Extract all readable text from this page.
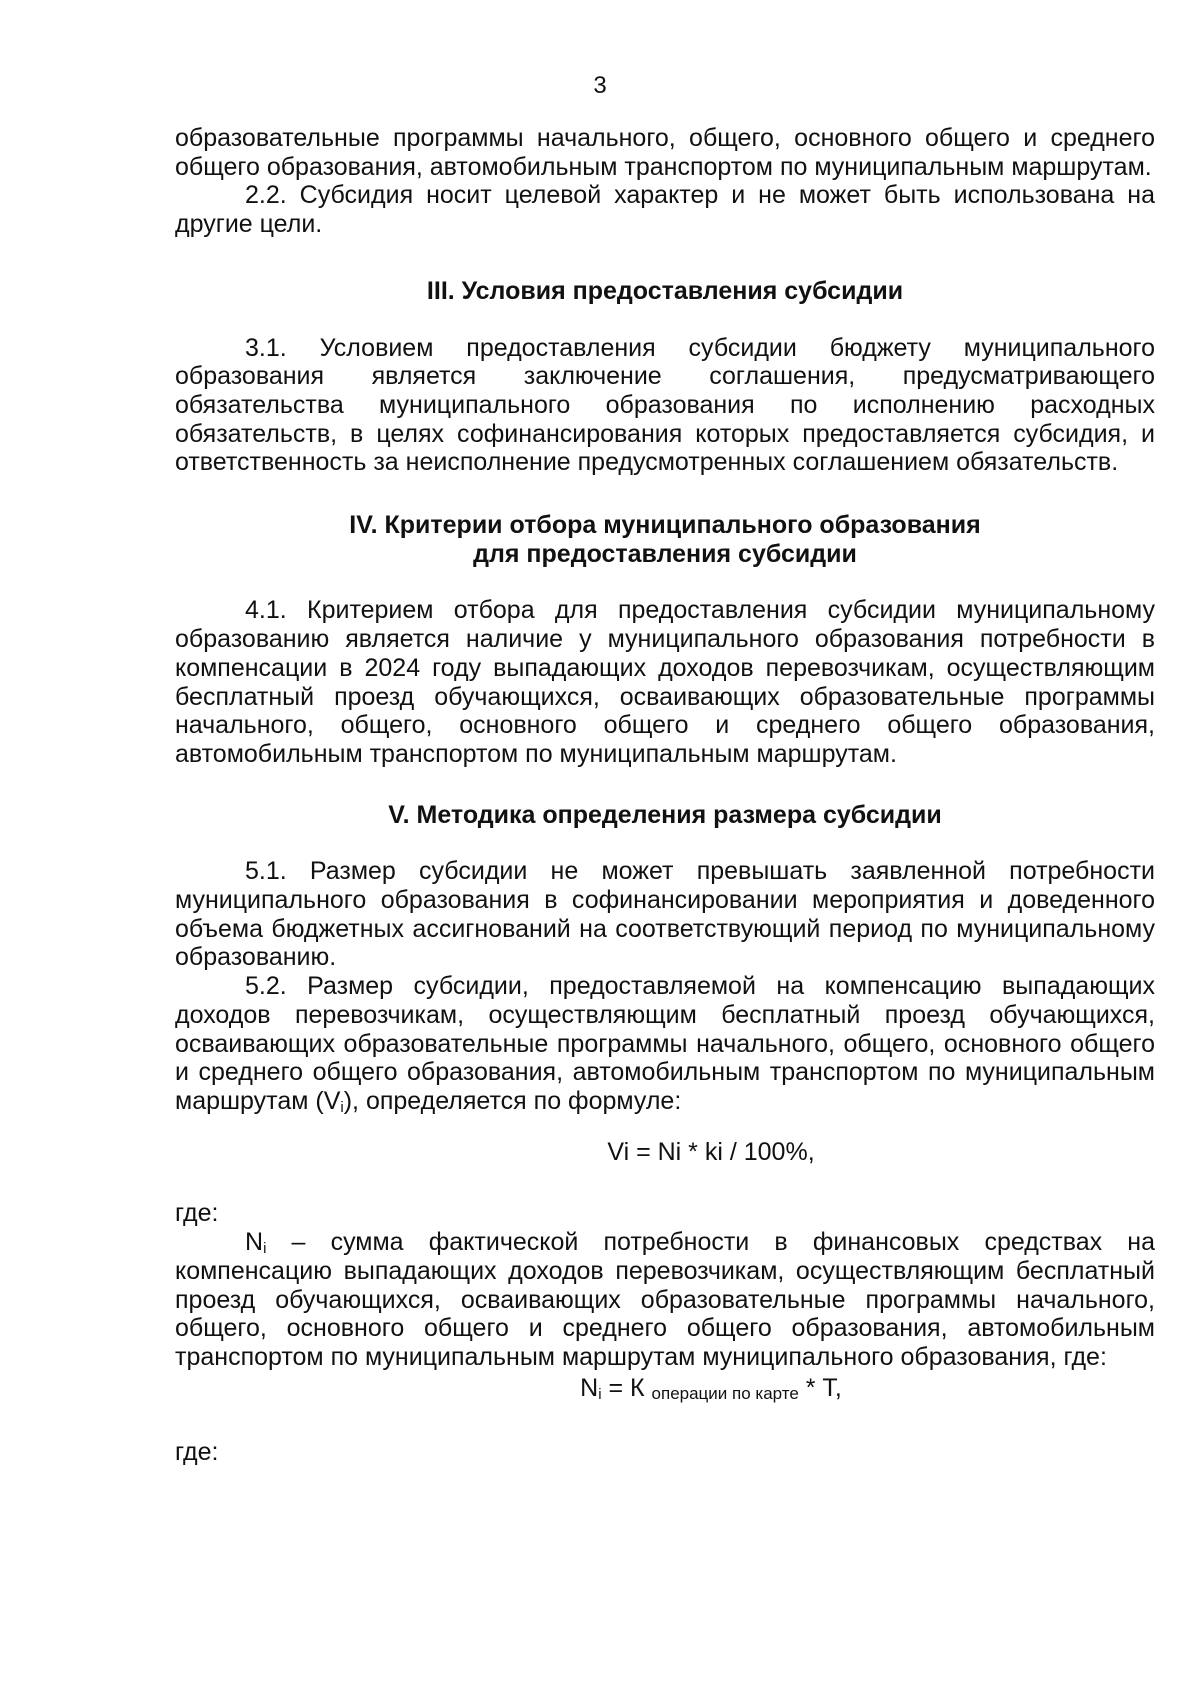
3

образовательные программы начального, общего, основного общего и среднего общего образования, автомобильным транспортом по муниципальным маршрутам.

2.2. Субсидия носит целевой характер и не может быть использована на другие цели.

III. Условия предоставления субсидии

3.1. Условием предоставления субсидии бюджету муниципального образования является заключение соглашения, предусматривающего обязательства муниципального образования по исполнению расходных обязательств, в целях софинансирования которых предоставляется субсидия, и ответственность за неисполнение предусмотренных соглашением обязательств.

IV. Критерии отбора муниципального образования
для предоставления субсидии

4.1. Критерием отбора для предоставления субсидии муниципальному образованию является наличие у муниципального образования потребности в компенсации в 2024 году выпадающих доходов перевозчикам, осуществляющим бесплатный проезд обучающихся, осваивающих образовательные программы начального, общего, основного общего и среднего общего образования, автомобильным транспортом по муниципальным маршрутам.

V. Методика определения размера субсидии

5.1. Размер субсидии не может превышать заявленной потребности муниципального образования в софинансировании мероприятия и доведенного объема бюджетных ассигнований на соответствующий период по муниципальному образованию.

5.2. Размер субсидии, предоставляемой на компенсацию выпадающих доходов перевозчикам, осуществляющим бесплатный проезд обучающихся, осваивающих образовательные программы начального, общего, основного общего и среднего общего образования, автомобильным транспортом по муниципальным маршрутам $(V_i)$, определяется по формуле:

Vi = Ni * ki / 100%,

где:

$N_i$ – сумма фактической потребности в финансовых средствах на компенсацию выпадающих доходов перевозчикам, осуществляющим бесплатный проезд обучающихся, осваивающих образовательные программы начального, общего, основного общего и среднего общего образования, автомобильным транспортом по муниципальным маршрутам муниципального образования, где:

$N_i = К$ $_{операции по карте}$ * T,

где:
